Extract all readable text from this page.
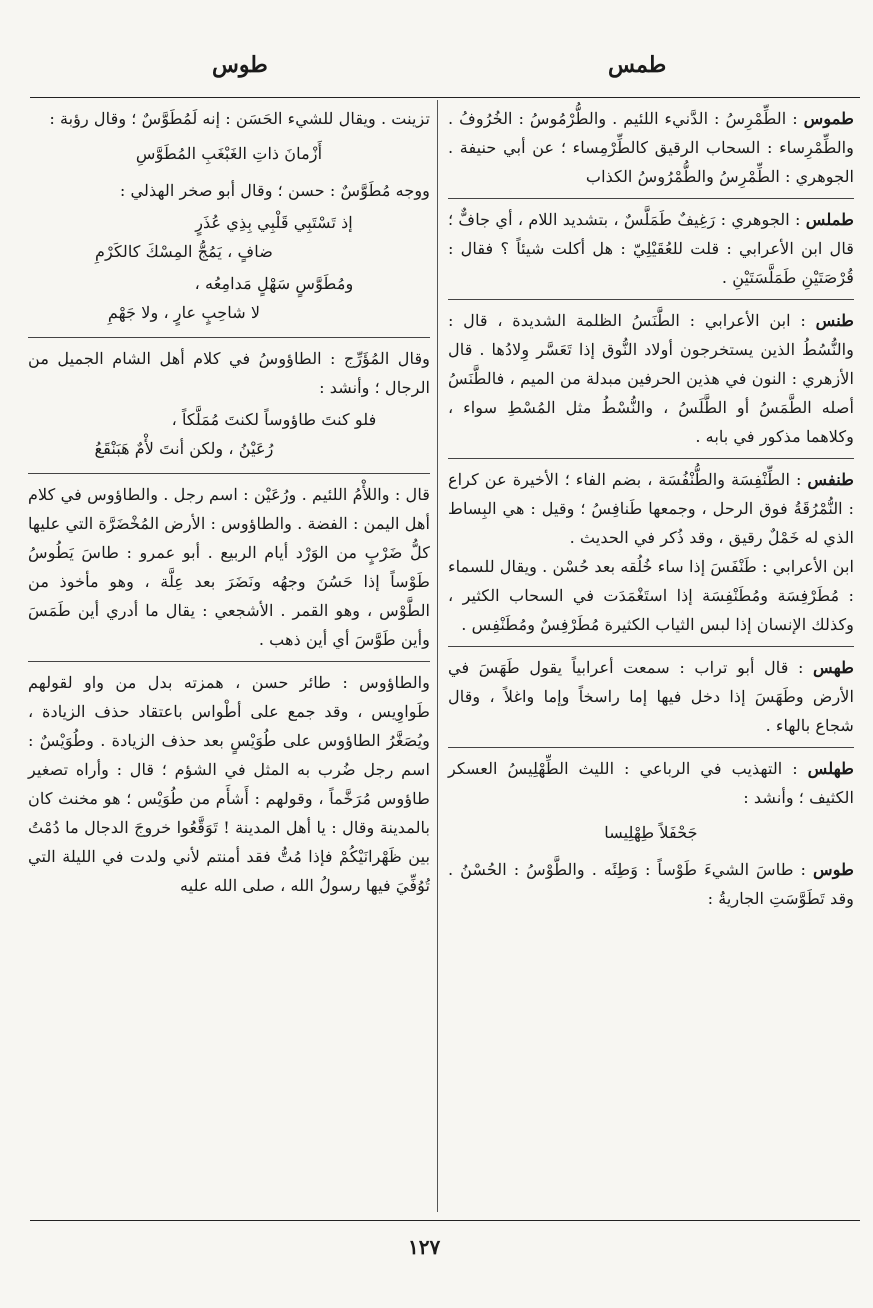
طمس
طوس

طموس : الطِّمْرِسُ : الدَّنيء اللئيم . والطُّرْمُوسُ : الخُرُوفُ . والطِّمْرِساء : السحاب الرقيق كالطِّرْمِساء ؛ عن أبي حنيفة . الجوهري : الطِّمْرِسُ والطُّمْرُوسُ الكذاب

طملس : الجوهري : رَغِيفٌ طَمَلَّسٌ ، بتشديد اللام ، أي جافٌّ ؛ قال ابن الأعرابي : قلت للعُقَيْلِيّ : هل أكلت شيئاً ؟ فقال : قُرْصَتَيْنِ طَمَلَّسَتَيْنِ .

طنس : ابن الأعرابي : الطَّنَسُ الظلمة الشديدة ، قال : والنُّسُطُ الذين يستخرجون أولاد النُّوق إذا تَعَسَّر وِلادُها . قال الأزهري : النون في هذين الحرفين مبدلة من الميم ، فالطَّنَسُ أصله الطَّمَسُ أو الطَّلَسُ ، والنُّسْطُ مثل المُسْطِ سواء ، وكلاهما مذكور في بابه .

طنفس : الطِّنْفِسَة والطُّنْفُسَة ، بضم الفاء ؛ الأخيرة عن كراع : النُّمْرُقَةُ فوق الرحل ، وجمعها طَنافِسُ ؛ وقيل : هي البِساط الذي له خَمْلٌ رقيق ، وقد ذُكر في الحديث .

ابن الأعرابي : طَنْفَسَ إذا ساء خُلُقه بعد حُسْن . ويقال للسماء : مُطَرْفِسَة ومُطَنْفِسَة إذا استَغْمَدَت في السحاب الكثير ، وكذلك الإنسان إذا لبس الثياب الكثيرة مُطَرْفِسٌ ومُطَنْفِس .

طهس : قال أبو تراب : سمعت أعرابياً يقول طَهَسَ في الأرض وطَهَسَ إذا دخل فيها إما راسخاً وإما واغلاً ، وقال شجاع بالهاء .

طهلس : التهذيب في الرباعي : الليث الطِّهْلِيسُ العسكر الكثيف ؛ وأنشد :

جَحْفَلاً طِهْلِيسا

طوس : طاسَ الشيءَ طَوْساً : وَطِئَه . والطَّوْسُ : الحُسْنُ . وقد تَطَوَّسَتِ الجاريةُ :

تزينت . ويقال للشيء الحَسَن : إنه لَمُطَوَّسٌ ؛ وقال رؤبة :

أَزْمانَ ذاتِ الغَبْغَبِ المُطَوَّسِ

ووجه مُطَوَّسٌ : حسن ؛ وقال أبو صخر الهذلي :

إذ تَسْتَبِي قَلْبِي بِذِي عُذَرٍ
ضافٍ ، يَمُجُّ المِسْكَ كالكَرْمِ
ومُطَوَّسٍ سَهْلٍ مَدامِعُه ،
لا شاحِبٍ عارٍ ، ولا جَهْمِ

وقال المُؤَرِّج : الطاؤوسُ في كلام أهل الشام الجميل من الرجال ؛ وأنشد :

فلو كنتَ طاؤوساً لكنتَ مُمَلَّكاً ،
رُعَيْنُ ، ولكن أنتَ لأْمٌ هَبَنْقَعُ

قال : واللأْمُ اللئيم . ورُعَيْن : اسم رجل . والطاؤوس في كلام أهل اليمن : الفضة . والطاؤوس : الأرض المُخْضَرَّة التي عليها كلُّ ضَرْبٍ من الوَرْد أيام الربيع . أبو عمرو : طاسَ يَطُوسُ طَوْساً إذا حَسُنَ وجهُه ونَضَرَ بعد عِلَّة ، وهو مأخوذ من الطَّوْس ، وهو القمر . الأشجعي : يقال ما أدري أين طَمَسَ وأين طَوَّسَ أي أين ذهب .

والطاؤوس : طائر حسن ، همزته بدل من واو لقولهم طَواوِيس ، وقد جمع على أطْواس باعتقاد حذف الزيادة ، ويُصَغَّرُ الطاؤوس على طُوَيْسٍ بعد حذف الزيادة . وطُوَيْسٌ : اسم رجل ضُرب به المثل في الشؤم ؛ قال : وأراه تصغير طاؤوس مُرَخَّماً ، وقولهم : أَشأَم من طُوَيْس ؛ هو مخنث كان بالمدينة وقال : يا أهل المدينة ! تَوَقَّعُوا خروجَ الدجال ما دُمْتُ بين ظَهْرانَيْكُمْ فإذا مُتُّ فقد أمنتم لأني ولدت في الليلة التي تُوُفِّيَ فيها رسولُ الله ، صلى الله عليه

١٢٧
